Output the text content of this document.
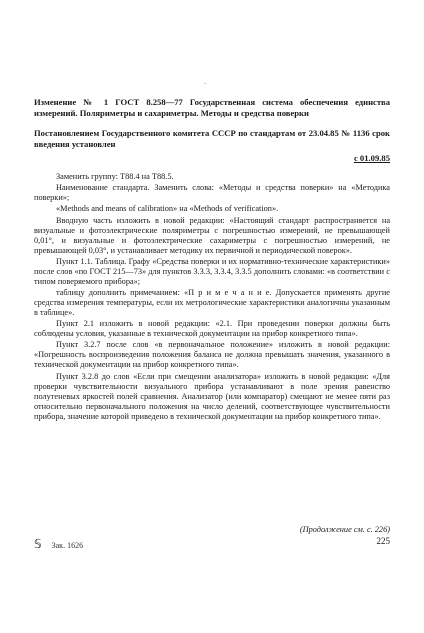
‑
Изменение № 1 ГОСТ 8.258—77 Государственная система обеспечения единства измерений. Поляриметры и сахариметры. Методы и средства поверки
Постановлением Государственного комитета СССР по стандартам от 23.04.85 № 1136 срок введения установлен
с 01.09.85

Заменить группу: Т88.4 на Т88.5.

Наименование стандарта. Заменить слова: «Методы и средства поверки» на «Методика поверки»;

«Methods and means of calibration» на «Methods of verification».

Вводную часть изложить в новой редакции: «Настоящий стандарт распространяется на визуальные и фотоэлектрические поляриметры с погрешностью измерений, не превышающей 0,01°, и визуальные и фотоэлектрические сахариметры с погрешностью измерений, не превышающей 0,03°, и устанавливает методику их первичной и периодической поверок».

Пункт 1.1. Таблица. Графу «Средства поверки и их нормативно-технические характеристики» после слов «по ГОСТ 215—73» для пунктов 3.3.3, 3.3.4, 3.3.5 дополнить словами: «в соответствии с типом поверяемого прибора»;

таблицу дополнить примечанием: «П р и м е ч а н и е. Допускается применять другие средства измерения температуры, если их метрологические характеристики аналогичны указанным в таблице».

Пункт 2.1 изложить в новой редакции: «2.1. При проведении поверки должны быть соблюдены условия, указанные в технической документации на прибор конкретного типа».

Пункт 3.2.7 после слов «в первоначальное положение» изложить в новой редакции: «Погрешность воспроизведения положения баланса не должна превышать значения, указанного в технической документации на прибор конкретного типа».

Пункт 3.2.8 до слов «Если при смещении анализатора» изложить в новой редакции: «Для проверки чувствительности визуального прибора устанавливают в поле зрения равенство полутеневых яркостей полей сравнения. Анализатор (или компаратор) смещают не менее пяти раз относительно первоначального положения на число делений, соответствующее чувствительности прибора, значение которой приведено в технической документации на прибор конкретного типа».

(Продолжение см. с. 226)
𝕊 Зак. 1626	225
